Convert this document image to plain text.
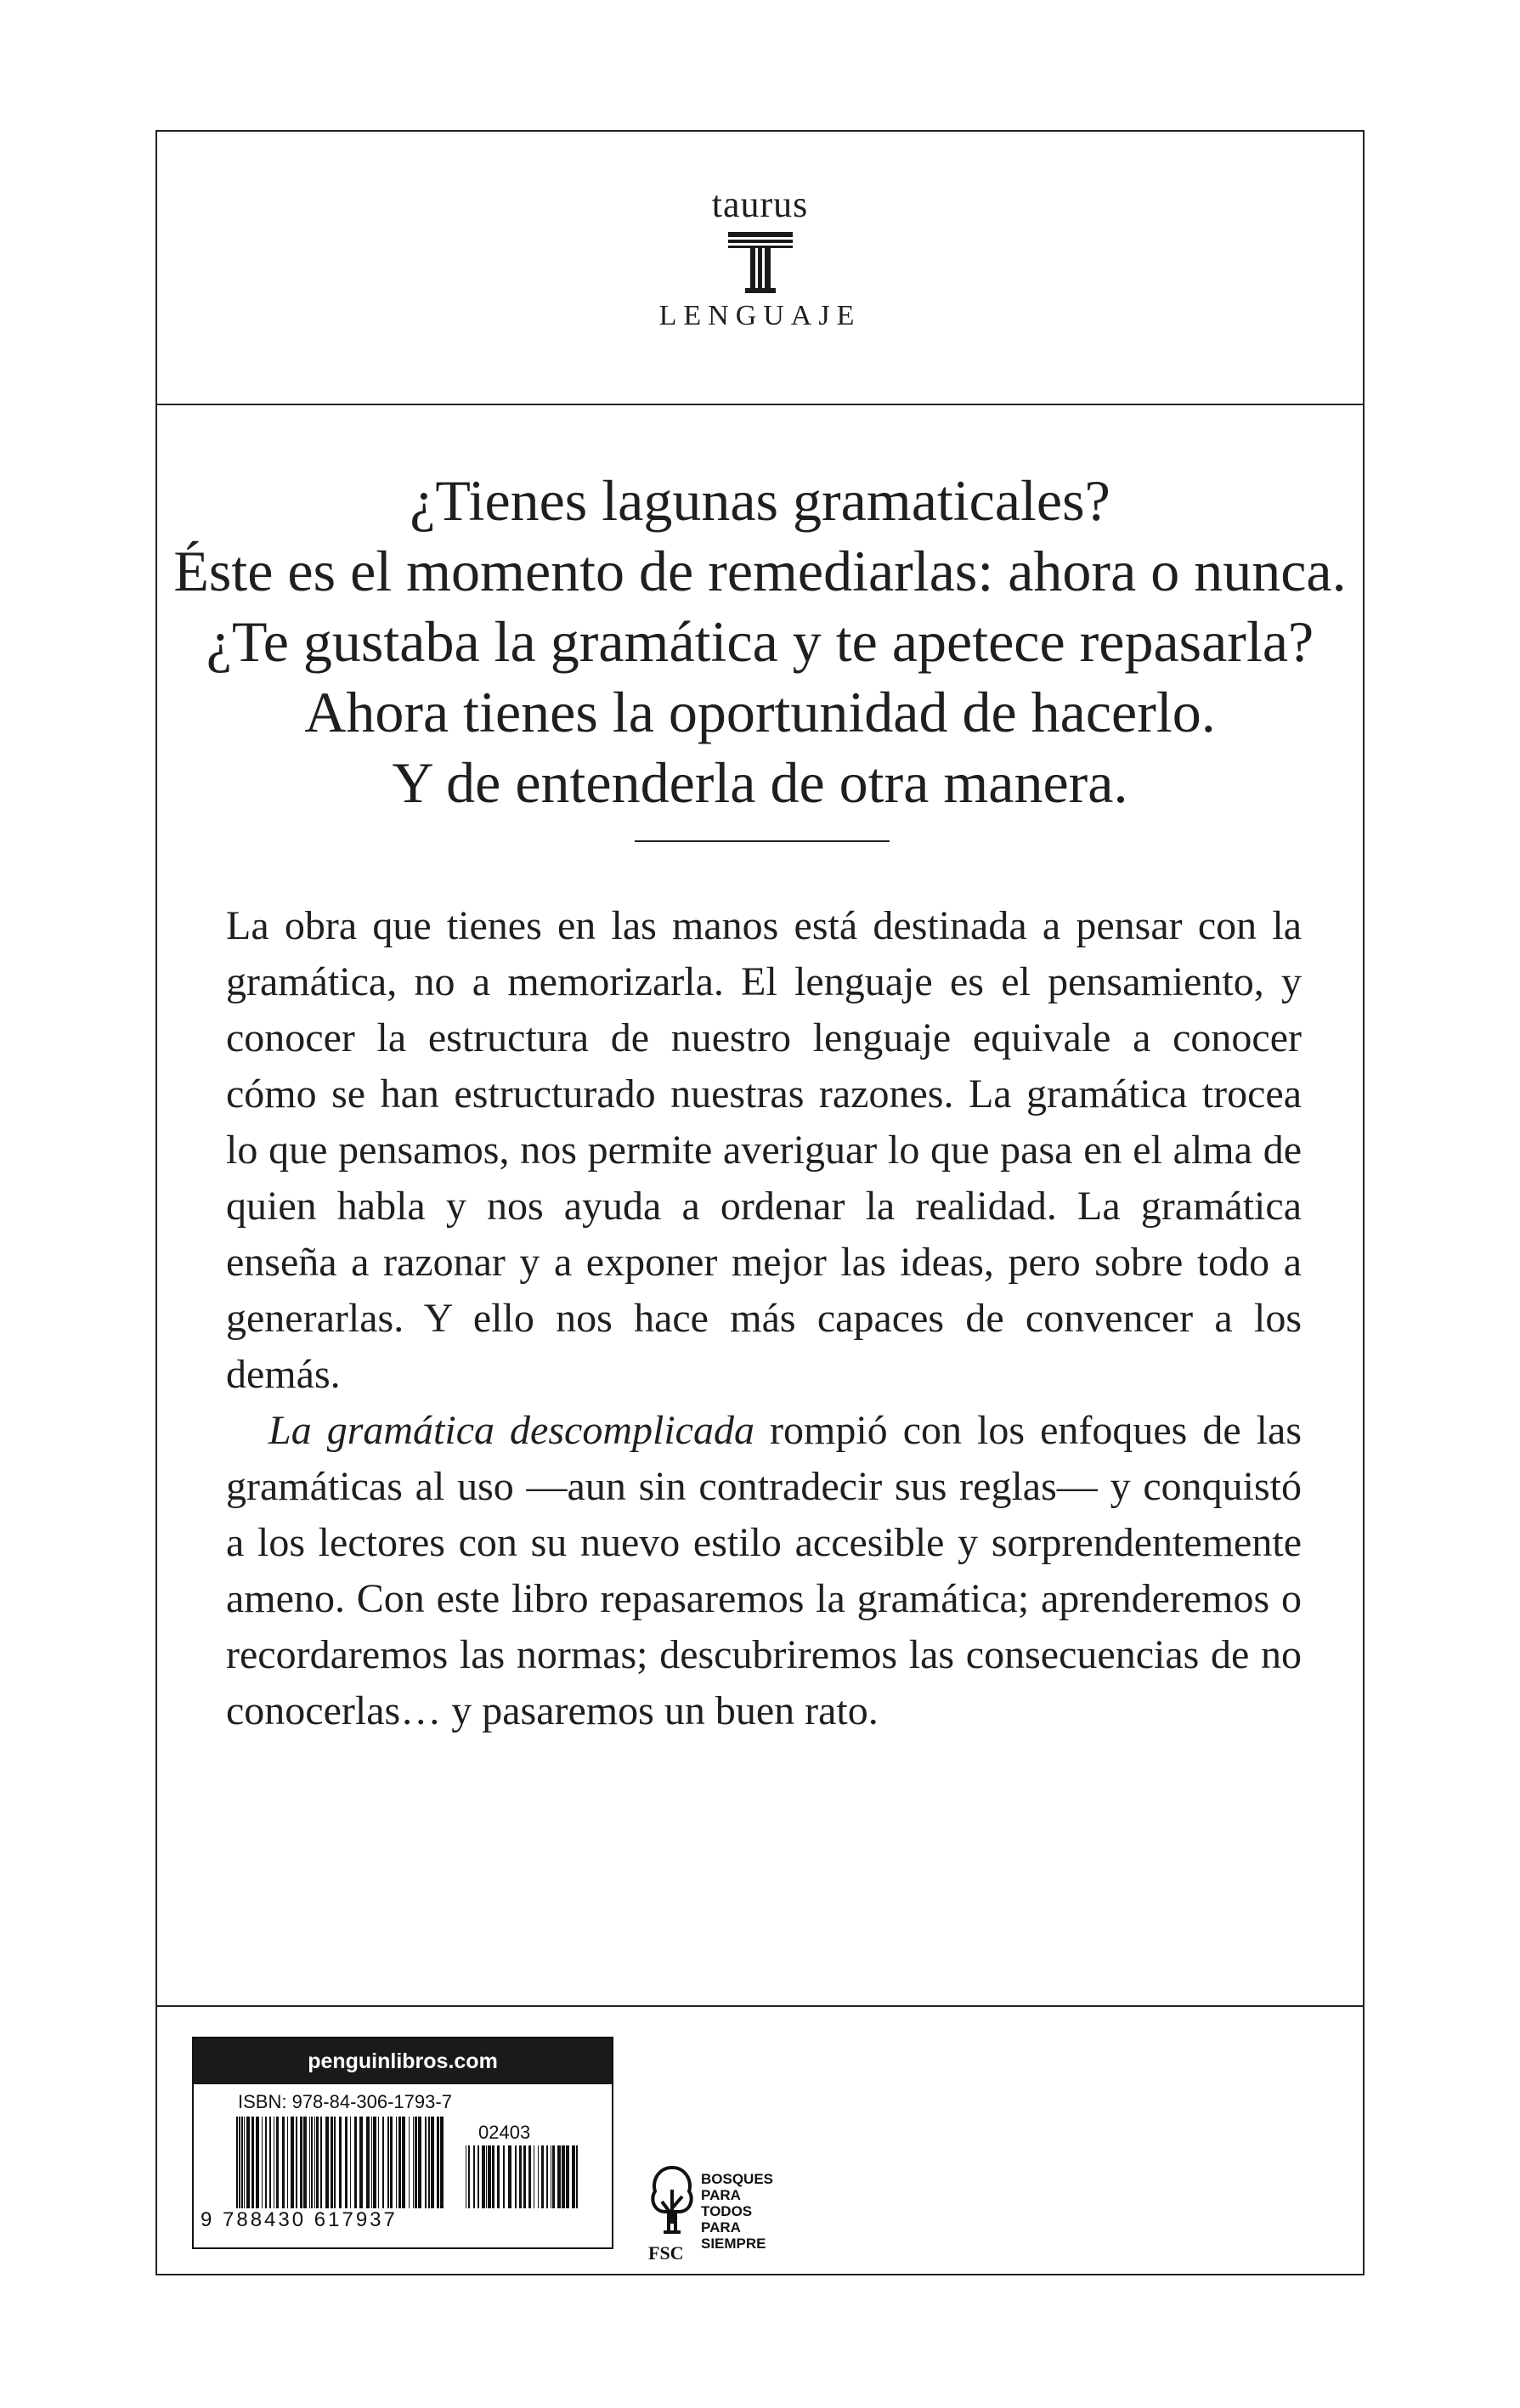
taurus
LENGUAJE
¿Tienes lagunas gramaticales?
Éste es el momento de remediarlas: ahora o nunca.
¿Te gustaba la gramática y te apetece repasarla?
Ahora tienes la oportunidad de hacerlo.
Y de entenderla de otra manera.

La obra que tienes en las manos está destinada a pensar con la gramática, no a memorizarla. El lenguaje es el pensamiento, y conocer la estructura de nuestro lenguaje equivale a conocer cómo se han estructurado nuestras razones. La gramática trocea lo que pensamos, nos permite averiguar lo que pasa en el alma de quien habla y nos ayuda a ordenar la realidad. La gramática enseña a razonar y a exponer mejor las ideas, pero sobre todo a generarlas. Y ello nos hace más capaces de convencer a los demás.

La gramática descomplicada rompió con los enfoques de las gramáticas al uso —aun sin contradecir sus reglas— y conquistó a los lectores con su nuevo estilo accesible y sorprendentemente ameno. Con este libro repasaremos la gramática; aprenderemos o recordaremos las normas; descubriremos las consecuencias de no conocerlas… y pasaremos un buen rato.

penguinlibros.com
ISBN: 978-84-306-1793-7
02403
9 788430 617937
BOSQUES
PARA TODOS
PARA SIEMPRE
FSC
